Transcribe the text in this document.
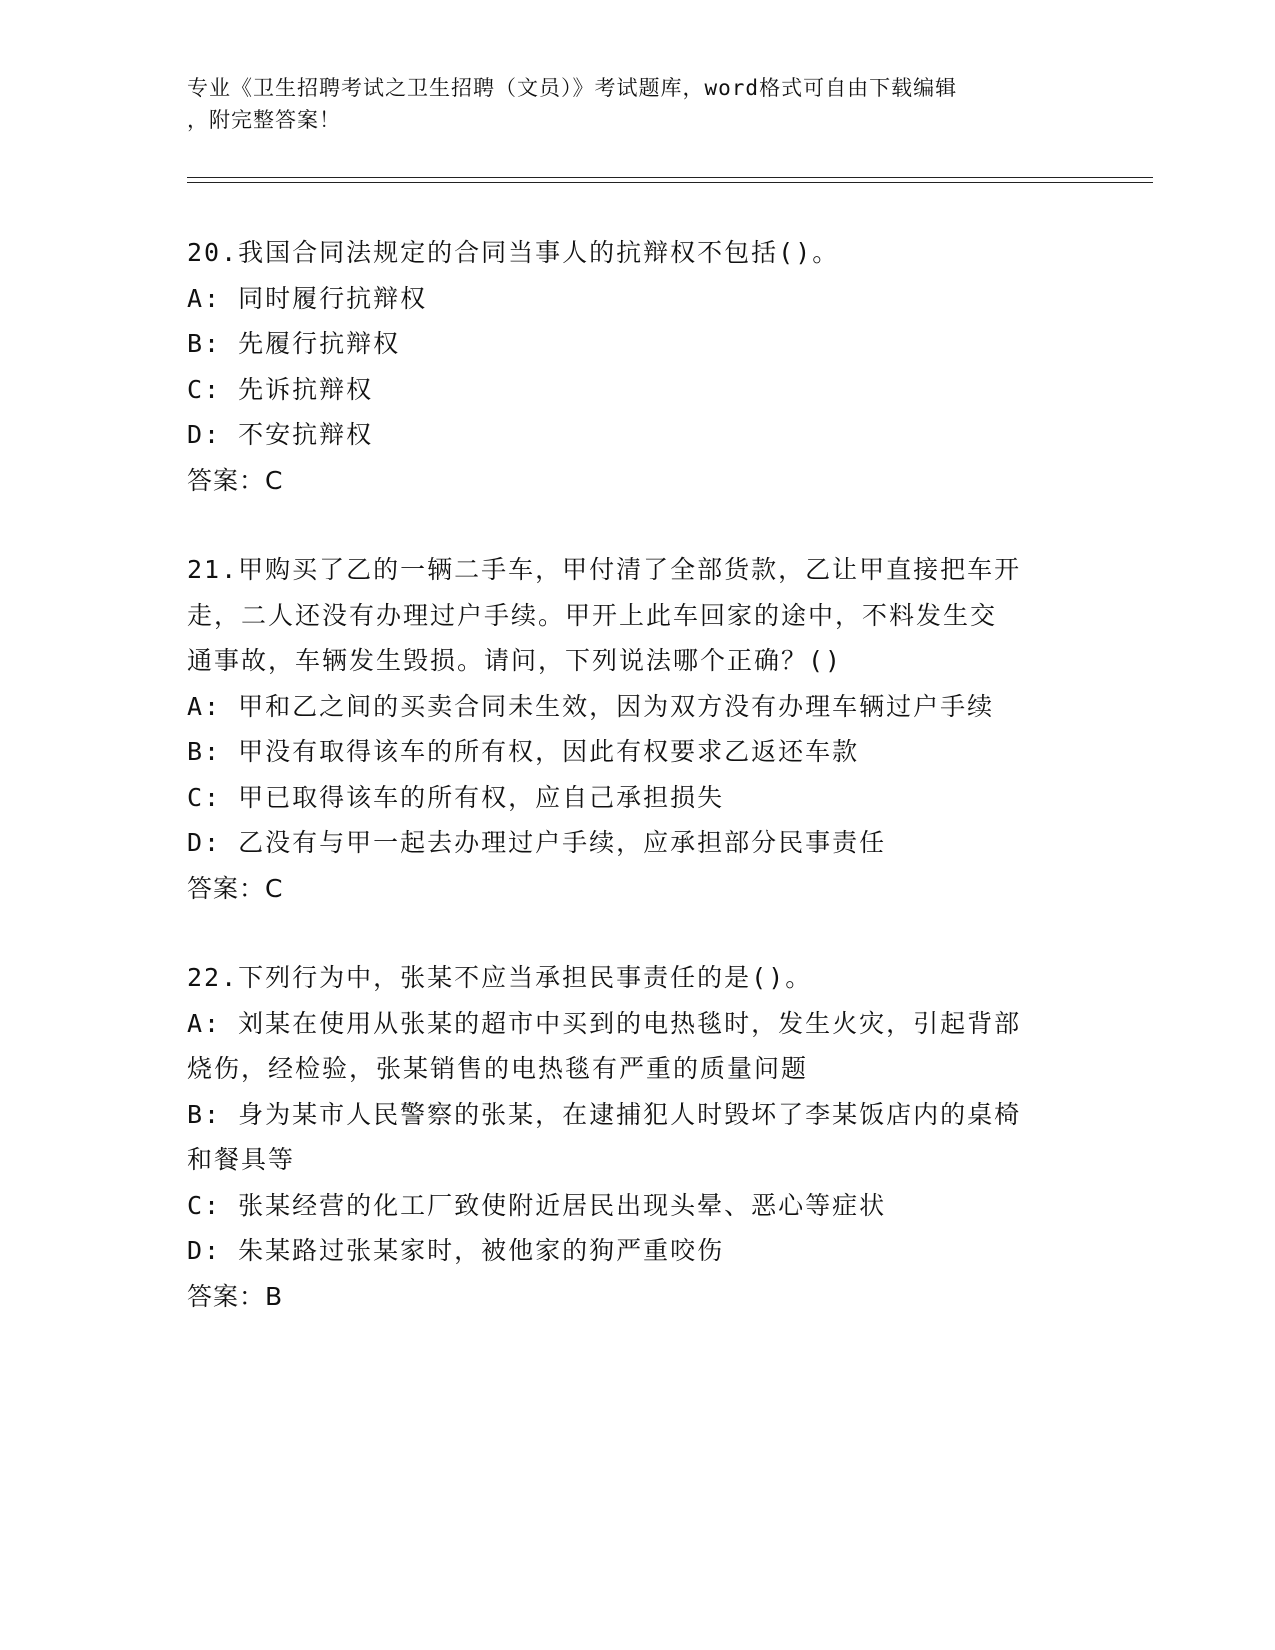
专业《卫生招聘考试之卫生招聘（文员）》考试题库，word格式可自由下载编辑
，附完整答案！
20.我国合同法规定的合同当事人的抗辩权不包括()。
A: 同时履行抗辩权
B: 先履行抗辩权
C: 先诉抗辩权
D: 不安抗辩权
答案：C
21.甲购买了乙的一辆二手车，甲付清了全部货款，乙让甲直接把车开
走，二人还没有办理过户手续。甲开上此车回家的途中，不料发生交
通事故，车辆发生毁损。请问，下列说法哪个正确？()
A: 甲和乙之间的买卖合同未生效，因为双方没有办理车辆过户手续
B: 甲没有取得该车的所有权，因此有权要求乙返还车款
C: 甲已取得该车的所有权，应自己承担损失
D: 乙没有与甲一起去办理过户手续，应承担部分民事责任
答案：C
22.下列行为中，张某不应当承担民事责任的是()。
A: 刘某在使用从张某的超市中买到的电热毯时，发生火灾，引起背部
烧伤，经检验，张某销售的电热毯有严重的质量问题
B: 身为某市人民警察的张某，在逮捕犯人时毁坏了李某饭店内的桌椅
和餐具等
C: 张某经营的化工厂致使附近居民出现头晕、恶心等症状
D: 朱某路过张某家时，被他家的狗严重咬伤
答案：B
